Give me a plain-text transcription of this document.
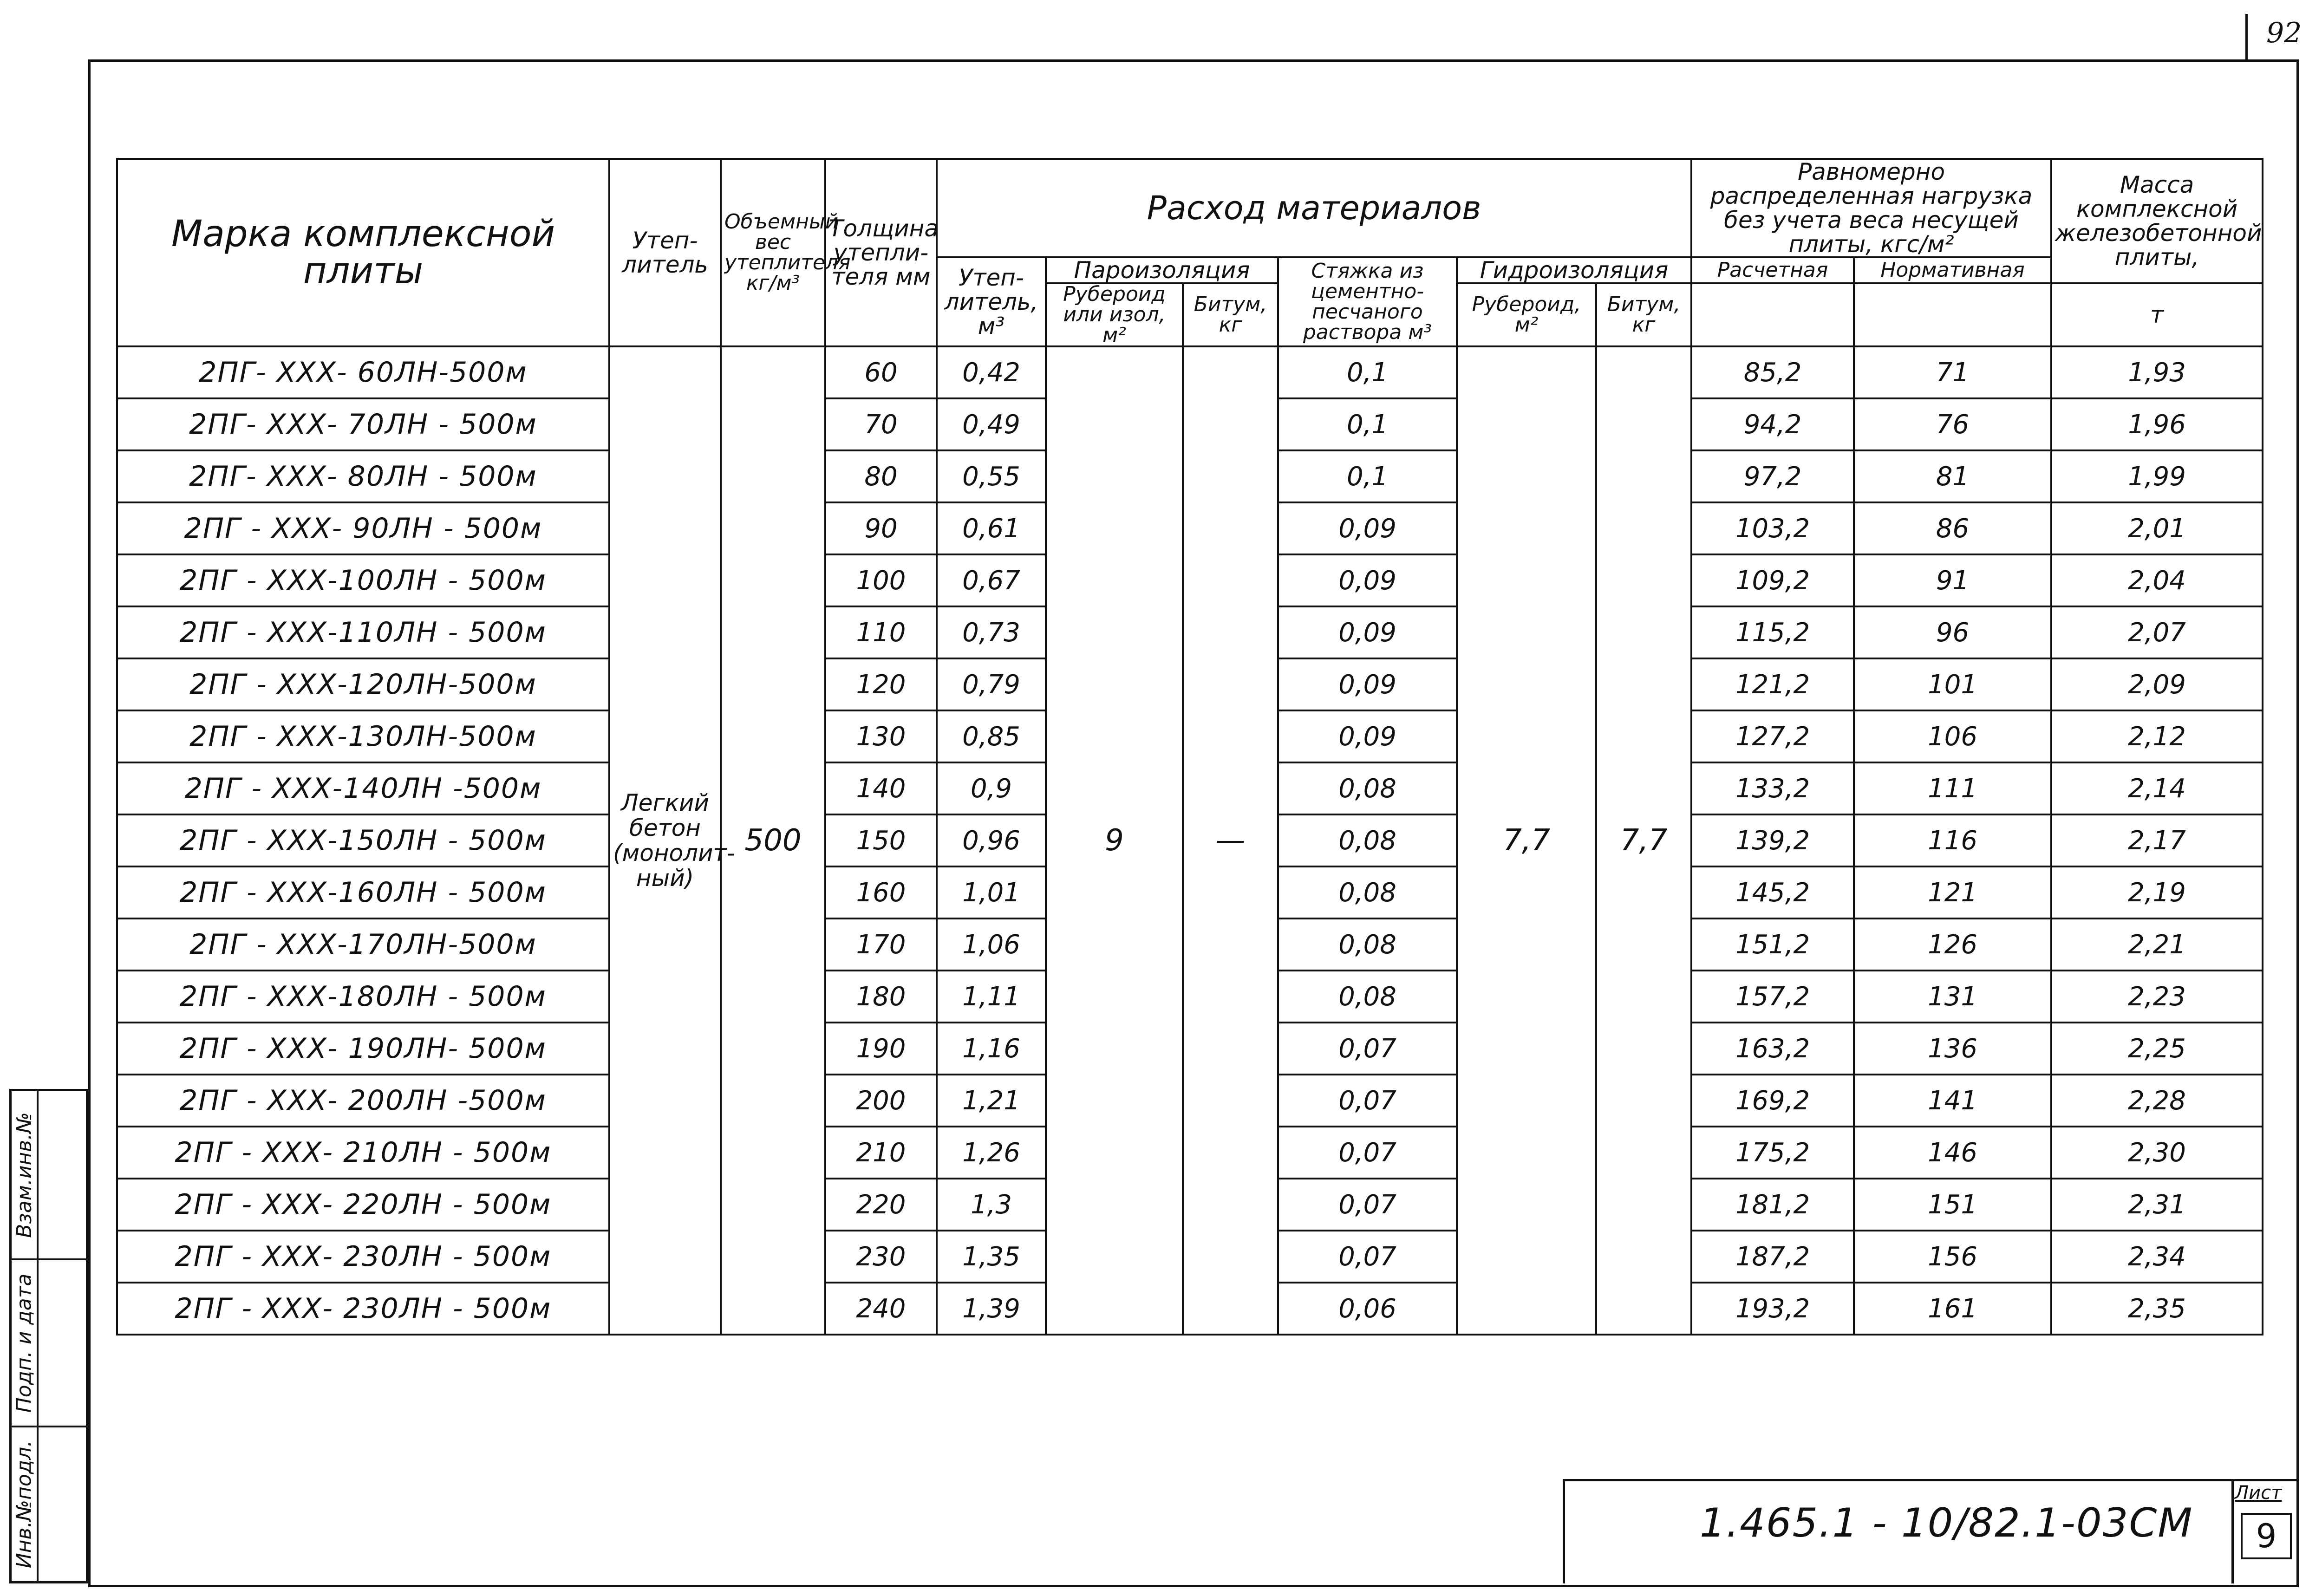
92
Взам.инв.№
Подп. и дата
Инв.№подл.
Марка комплексной плиты	Утеп-литель	Объемный вес утеплителя кг/м³	Толщина утепли-теля мм	Расход материалов						Равномерно распределенная нагрузка без учета веса несущей плиты, кгс/м²		Масса комплексной железобетонной плиты,
				Утеп-литель, м³	Пароизоляция		Стяжка из цементно-песчаного раствора м³	Гидроизоляция		Расчетная	Нормативная	
					Рубероид или изол, м²	Битум, кг		Рубероид, м²	Битум, кг			т
2ПГ- ХХХ- 60ЛН-500м	Легкий бетон (монолит-ный)	500	60	0,42	9	—	0,1	7,7	7,7	85,2	71	1,93
2ПГ- ХХХ- 70ЛН - 500м			70	0,49			0,1			94,2	76	1,96
2ПГ- ХХХ- 80ЛН - 500м			80	0,55			0,1			97,2	81	1,99
2ПГ - ХХХ- 90ЛН - 500м			90	0,61			0,09			103,2	86	2,01
2ПГ - ХХХ-100ЛН - 500м			100	0,67			0,09			109,2	91	2,04
2ПГ - ХХХ-110ЛН - 500м			110	0,73			0,09			115,2	96	2,07
2ПГ - ХХХ-120ЛН-500м			120	0,79			0,09			121,2	101	2,09
2ПГ - ХХХ-130ЛН-500м			130	0,85			0,09			127,2	106	2,12
2ПГ - ХХХ-140ЛН -500м			140	0,9			0,08			133,2	111	2,14
2ПГ - ХХХ-150ЛН - 500м			150	0,96			0,08			139,2	116	2,17
2ПГ - ХХХ-160ЛН - 500м			160	1,01			0,08			145,2	121	2,19
2ПГ - ХХХ-170ЛН-500м			170	1,06			0,08			151,2	126	2,21
2ПГ - ХХХ-180ЛН - 500м			180	1,11			0,08			157,2	131	2,23
2ПГ - ХХХ- 190ЛН- 500м			190	1,16			0,07			163,2	136	2,25
2ПГ - ХХХ- 200ЛН -500м			200	1,21			0,07			169,2	141	2,28
2ПГ - ХХХ- 210ЛН - 500м			210	1,26			0,07			175,2	146	2,30
2ПГ - ХХХ- 220ЛН - 500м			220	1,3			0,07			181,2	151	2,31
2ПГ - ХХХ- 230ЛН - 500м			230	1,35			0,07			187,2	156	2,34
2ПГ - ХХХ- 230ЛН - 500м			240	1,39			0,06			193,2	161	2,35
1.465.1 - 10/82.1-03СМ
Лист
9
